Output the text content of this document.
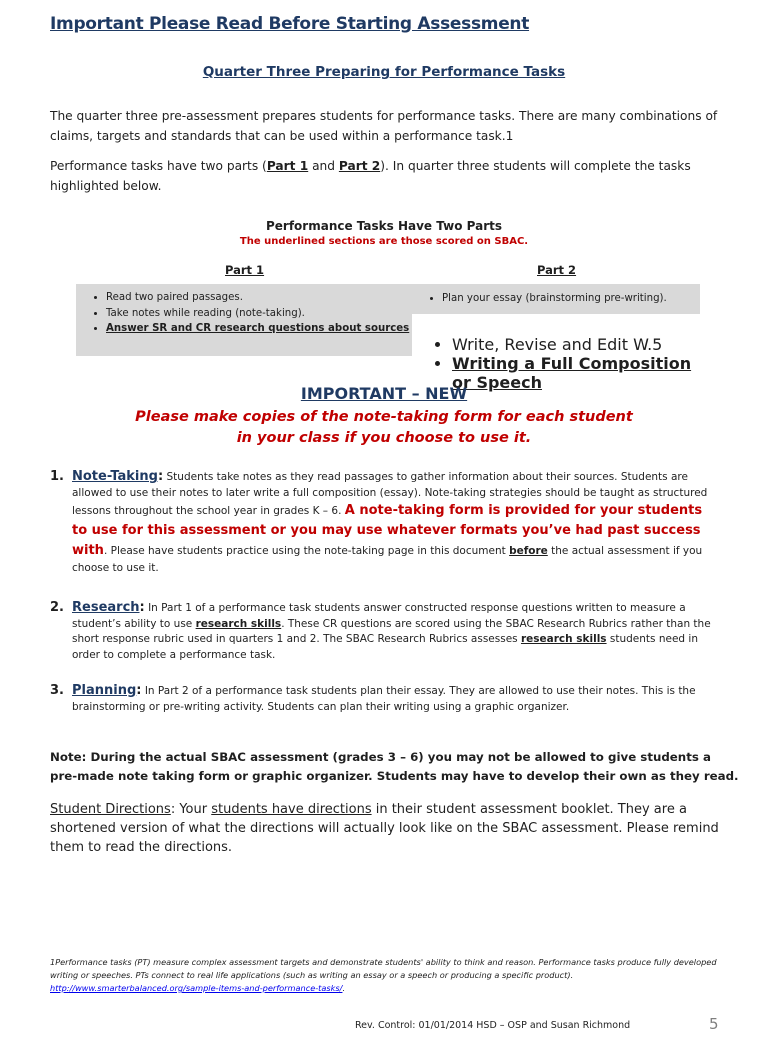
Important Please Read Before Starting Assessment
Quarter Three Preparing for Performance Tasks
The quarter three pre-assessment prepares students for performance tasks. There are many combinations of claims, targets and standards that can be used within a performance task.1
Performance tasks have two parts (Part 1 and Part 2). In quarter three students will complete the tasks highlighted below.
Performance Tasks Have Two Parts
The underlined sections are those scored on SBAC.
Part 1	Part 2
• Read two paired passages.
• Take notes while reading (note-taking).
• Answer SR and CR research questions about sources
• Plan your essay (brainstorming pre-writing).
• Write, Revise and Edit W.5
• Writing a Full Composition or Speech
IMPORTANT – NEW
Please make copies of the note-taking form for each student
in your class if you choose to use it.
1. Note-Taking: Students take notes as they read passages to gather information about their sources. Students are allowed to use their notes to later write a full composition (essay). Note-taking strategies should be taught as structured lessons throughout the school year in grades K – 6. A note-taking form is provided for your students to use for this assessment or you may use whatever formats you’ve had past success with. Please have students practice using the note-taking page in this document before the actual assessment if you choose to use it.
2. Research: In Part 1 of a performance task students answer constructed response questions written to measure a student’s ability to use research skills. These CR questions are scored using the SBAC Research Rubrics rather than the short response rubric used in quarters 1 and 2. The SBAC Research Rubrics assesses research skills students need in order to complete a performance task.
3. Planning: In Part 2 of a performance task students plan their essay. They are allowed to use their notes. This is the brainstorming or pre-writing activity. Students can plan their writing using a graphic organizer.
Note: During the actual SBAC assessment (grades 3 – 6) you may not be allowed to give students a pre-made note taking form or graphic organizer. Students may have to develop their own as they read.
Student Directions: Your students have directions in their student assessment booklet. They are a shortened version of what the directions will actually look like on the SBAC assessment. Please remind them to read the directions.
1Performance tasks (PT) measure complex assessment targets and demonstrate students' ability to think and reason. Performance tasks produce fully developed writing or speeches. PTs connect to real life applications (such as writing an essay or a speech or producing a specific product). http://www.smarterbalanced.org/sample-items-and-performance-tasks/.
Rev. Control: 01/01/2014 HSD – OSP and Susan Richmond	5
